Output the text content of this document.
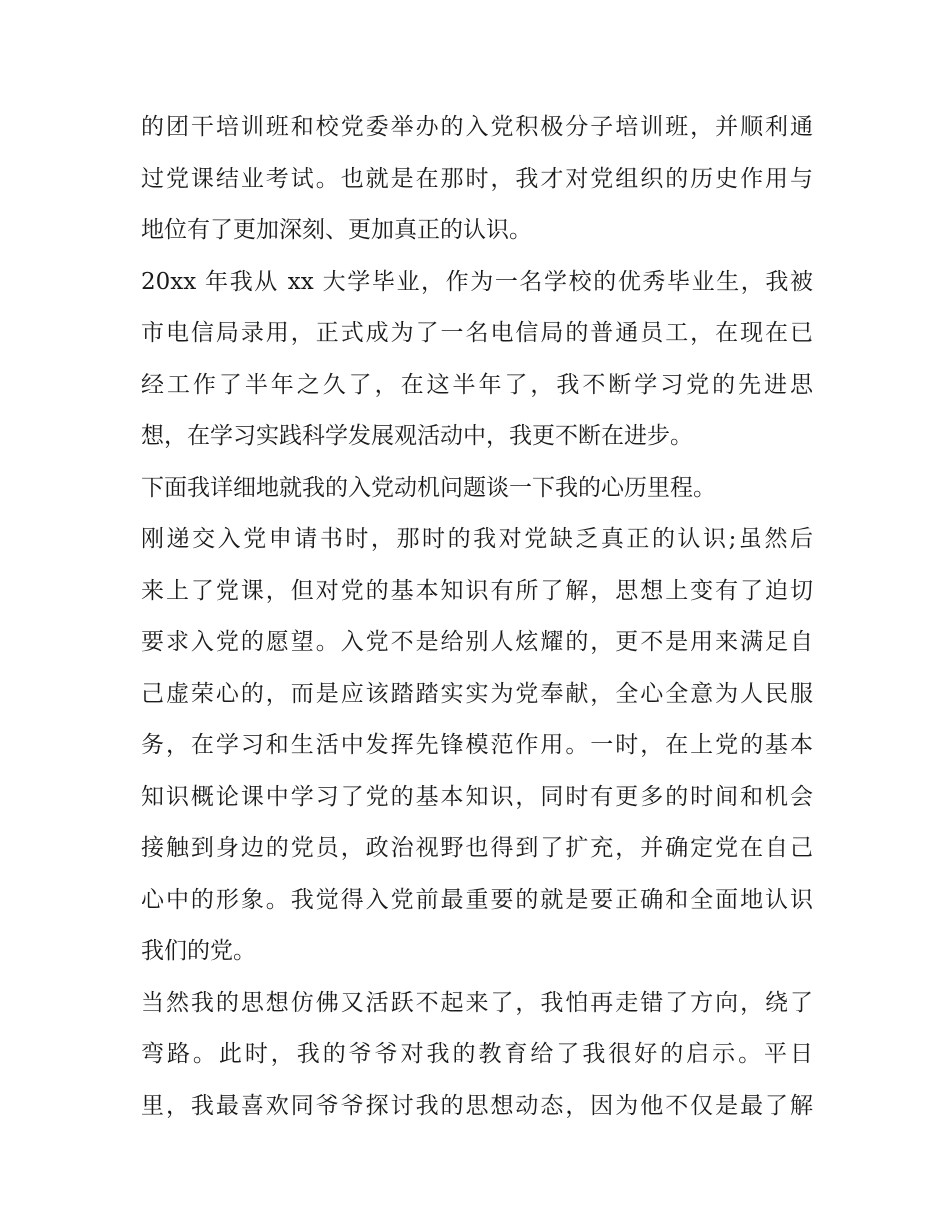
的团干培训班和校党委举办的入党积极分子培训班，并顺利通
过党课结业考试。也就是在那时，我才对党组织的历史作用与
地位有了更加深刻、更加真正的认识。
20xx 年我从 xx 大学毕业，作为一名学校的优秀毕业生，我被
市电信局录用，正式成为了一名电信局的普通员工，在现在已
经工作了半年之久了，在这半年了，我不断学习党的先进思
想，在学习实践科学发展观活动中，我更不断在进步。
下面我详细地就我的入党动机问题谈一下我的心历里程。
刚递交入党申请书时，那时的我对党缺乏真正的认识;虽然后
来上了党课，但对党的基本知识有所了解，思想上变有了迫切
要求入党的愿望。入党不是给别人炫耀的，更不是用来满足自
己虚荣心的，而是应该踏踏实实为党奉献，全心全意为人民服
务，在学习和生活中发挥先锋模范作用。一时，在上党的基本
知识概论课中学习了党的基本知识，同时有更多的时间和机会
接触到身边的党员，政治视野也得到了扩充，并确定党在自己
心中的形象。我觉得入党前最重要的就是要正确和全面地认识
我们的党。
当然我的思想仿佛又活跃不起来了，我怕再走错了方向，绕了
弯路。此时，我的爷爷对我的教育给了我很好的启示。平日
里，我最喜欢同爷爷探讨我的思想动态，因为他不仅是最了解
